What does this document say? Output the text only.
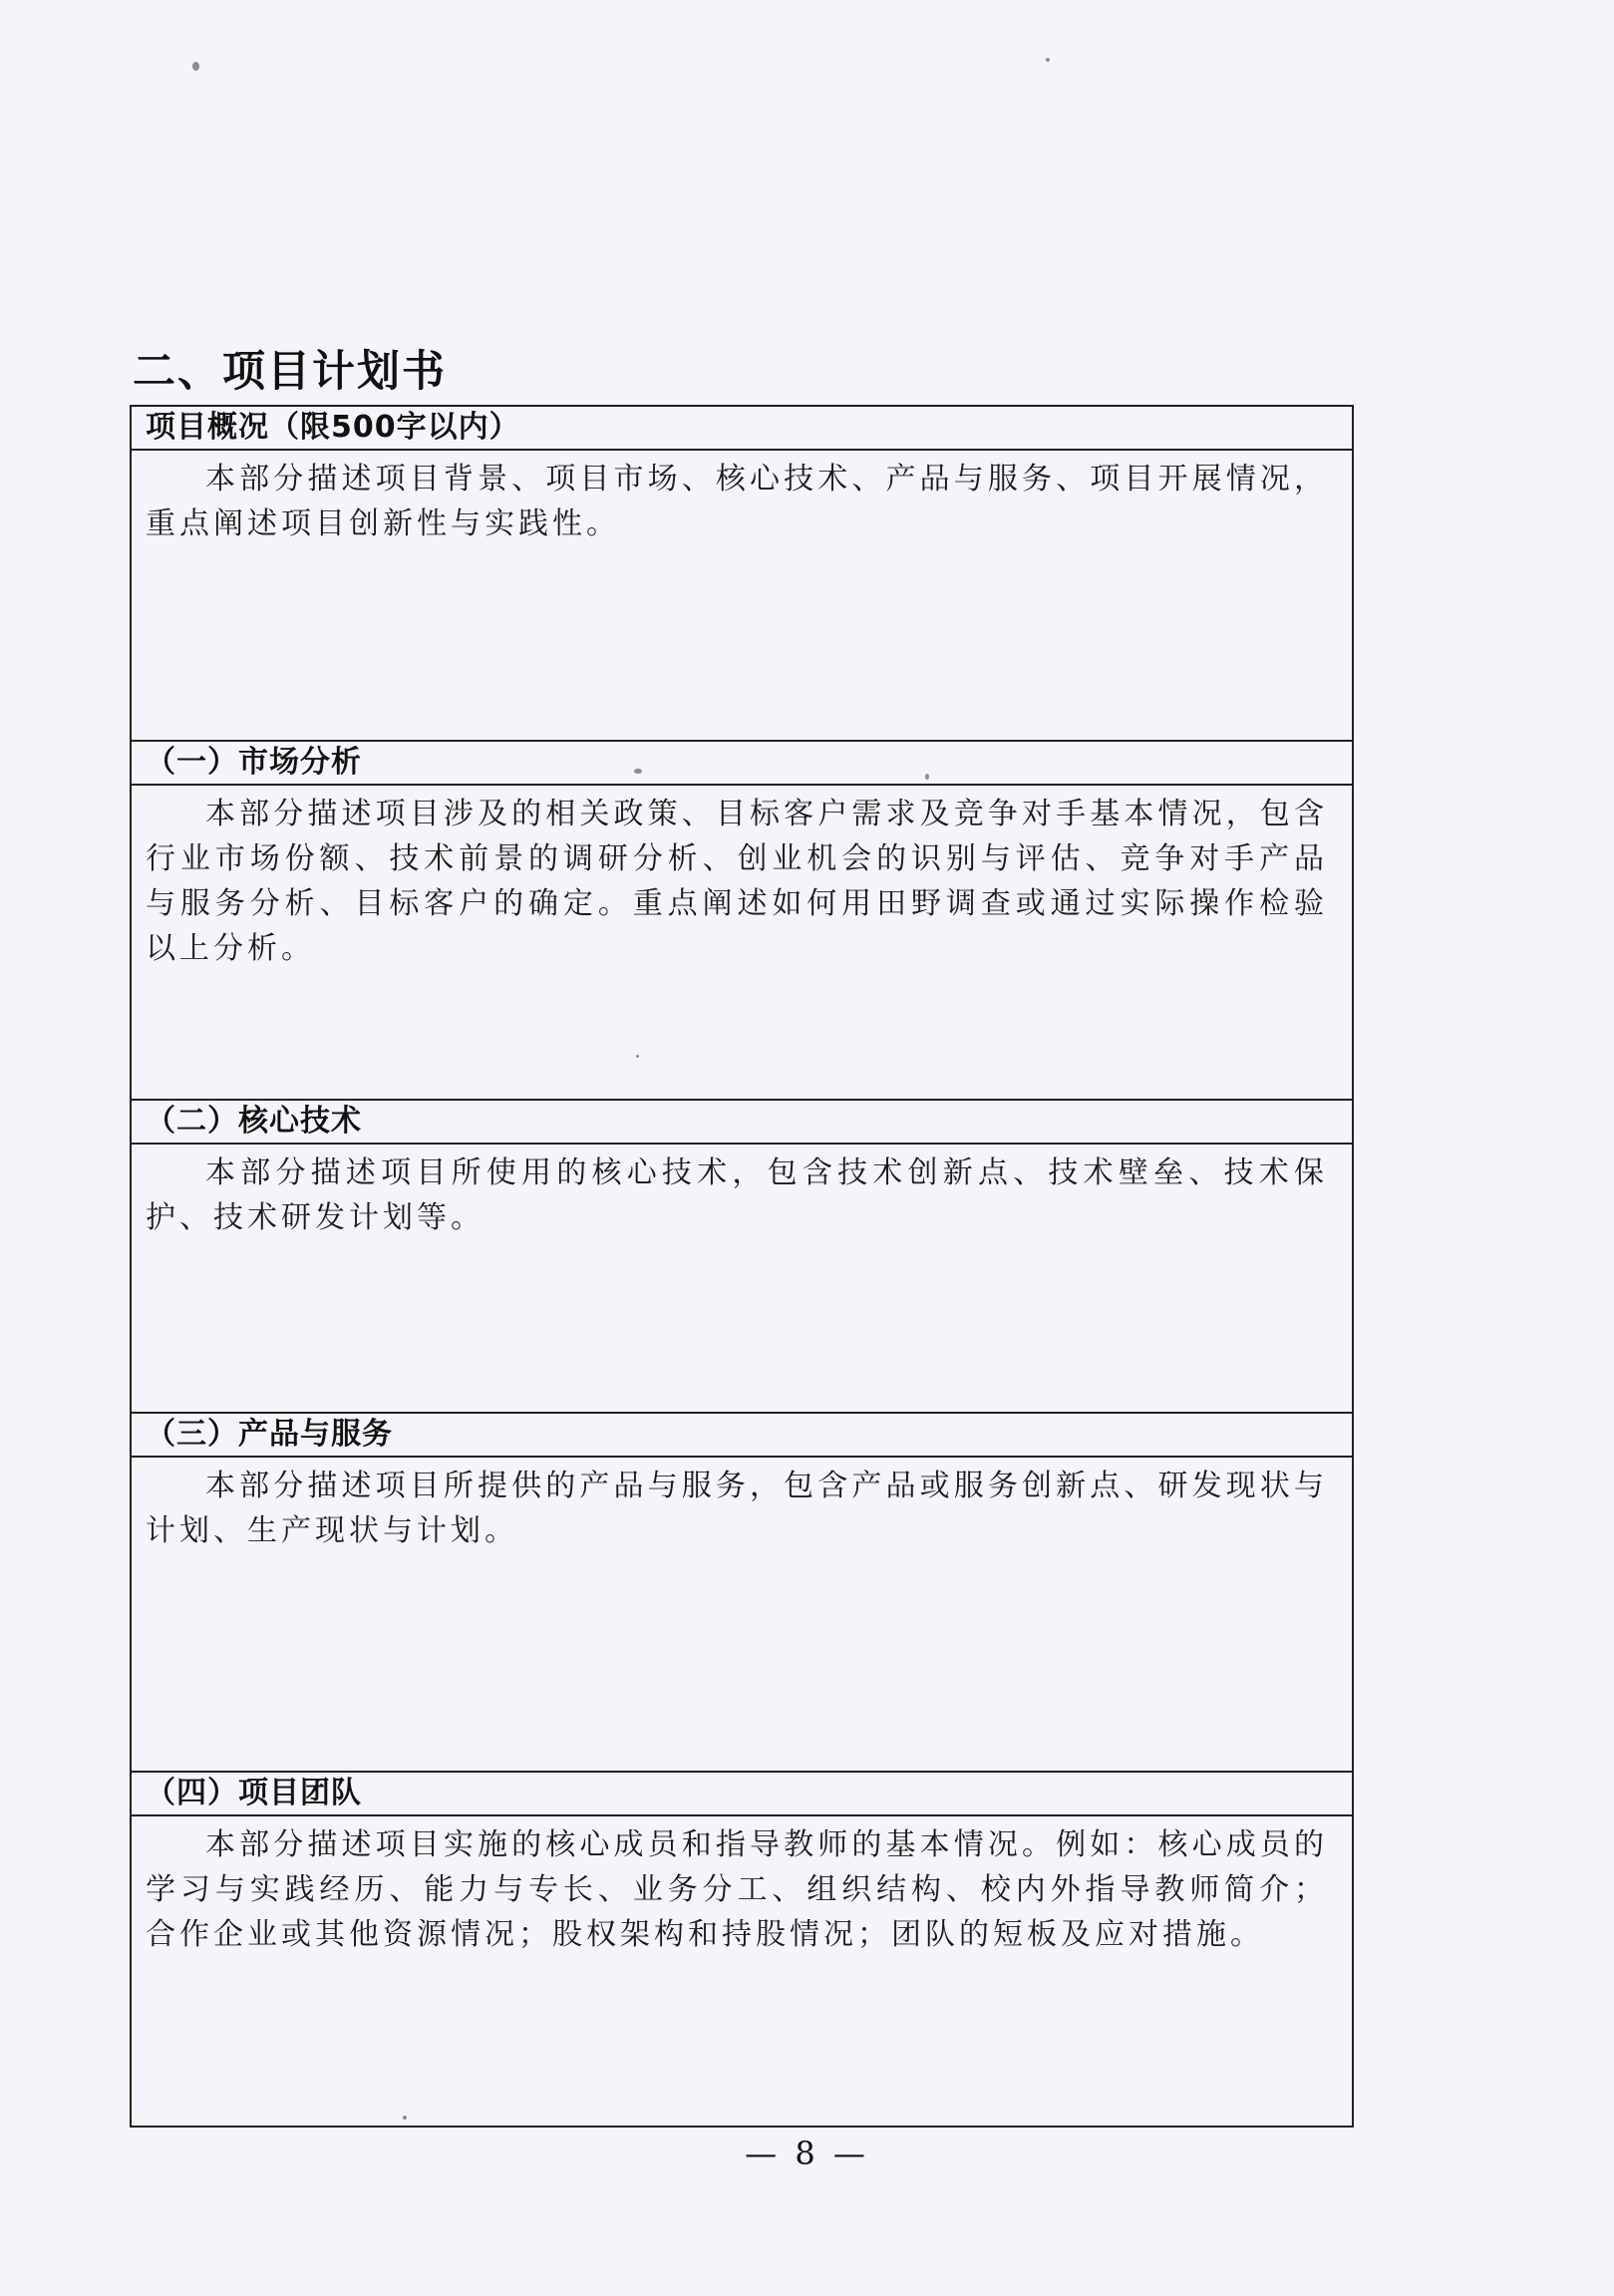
二、项目计划书
项目概况（限500字以内）
本部分描述项目背景、项目市场、核心技术、产品与服务、项目开展情况，重点阐述项目创新性与实践性。
（一）市场分析
本部分描述项目涉及的相关政策、目标客户需求及竞争对手基本情况，包含行业市场份额、技术前景的调研分析、创业机会的识别与评估、竞争对手产品与服务分析、目标客户的确定。重点阐述如何用田野调查或通过实际操作检验以上分析。
（二）核心技术
本部分描述项目所使用的核心技术，包含技术创新点、技术壁垒、技术保护、技术研发计划等。
（三）产品与服务
本部分描述项目所提供的产品与服务，包含产品或服务创新点、研发现状与计划、生产现状与计划。
（四）项目团队
本部分描述项目实施的核心成员和指导教师的基本情况。例如：核心成员的学习与实践经历、能力与专长、业务分工、组织结构、校内外指导教师简介；合作企业或其他资源情况；股权架构和持股情况；团队的短板及应对措施。
— 8 —
